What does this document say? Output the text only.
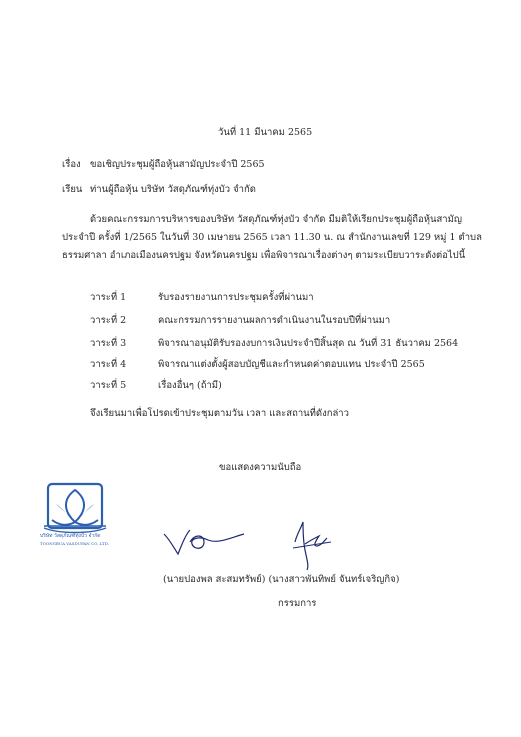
วันที่ 11 มีนาคม 2565
เรื่อง ขอเชิญประชุมผู้ถือหุ้นสามัญประจำปี 2565
เรียน ท่านผู้ถือหุ้น บริษัท วัสดุภัณฑ์ทุ่งบัว จำกัด
ด้วยคณะกรรมการบริหารของบริษัท วัสดุภัณฑ์ทุ่งบัว จำกัด มีมติให้เรียกประชุมผู้ถือหุ้นสามัญ
ประจำปี ครั้งที่ 1/2565 ในวันที่ 30 เมษายน 2565 เวลา 11.30 น. ณ สำนักงานเลขที่ 129 หมู่ 1 ตำบล
ธรรมศาลา อำเภอเมืองนครปฐม จังหวัดนครปฐม เพื่อพิจารณาเรื่องต่างๆ ตามระเบียบวาระดังต่อไปนี้
วาระที่ 1	รับรองรายงานการประชุมครั้งที่ผ่านมา
วาระที่ 2	คณะกรรมการรายงานผลการดำเนินงานในรอบปีที่ผ่านมา
วาระที่ 3	พิจารณาอนุมัติรับรองงบการเงินประจำปีสิ้นสุด ณ วันที่ 31 ธันวาคม 2564
วาระที่ 4	พิจารณาแต่งตั้งผู้สอบบัญชีและกำหนดค่าตอบแทน ประจำปี 2565
วาระที่ 5	เรื่องอื่นๆ (ถ้ามี)
จึงเรียนมาเพื่อโปรดเข้าประชุมตามวัน เวลา และสถานที่ดังกล่าว
ขอแสดงความนับถือ
บริษัท วัสดุภัณฑ์ทุ่งบัว จำกัด
TOONGBUA VASDUPAN CO.,LTD.
(นายปองพล สะสมทรัพย์) (นางสาวพันทิพย์ จันทร์เจริญกิจ)
กรรมการ
